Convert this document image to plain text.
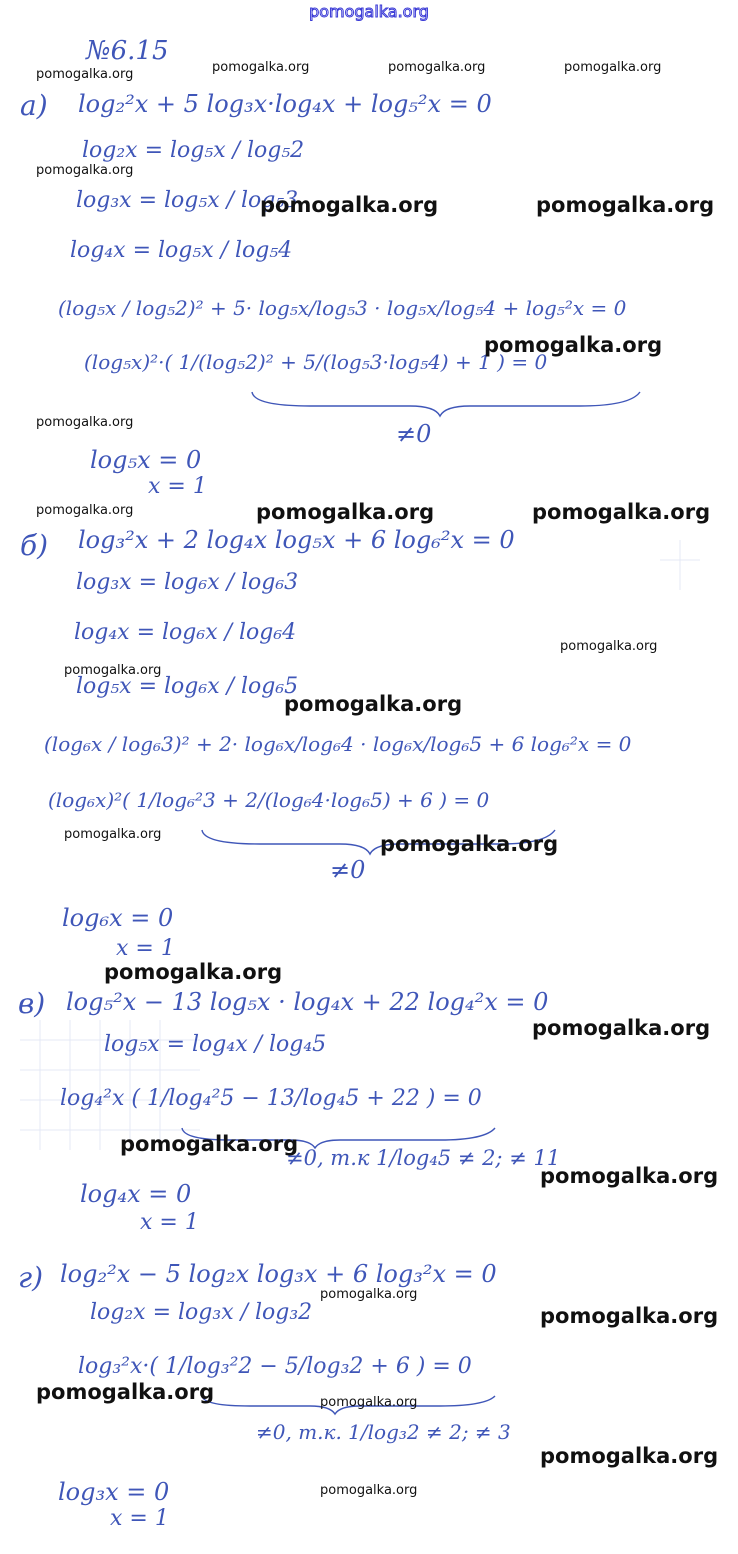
pomogalka.org
№6.15
а) log₂²x + 5 log₃x·log₄x + log₅²x = 0
log₂x = log₅x / log₅2
log₃x = log₅x / log₅3
log₄x = log₅x / log₅4
(log₅x / log₅2)² + 5· log₅x/log₅3 · log₅x/log₅4 + log₅²x = 0
(log₅x)²·( 1/(log₅2)² + 5/(log₅3·log₅4) + 1 ) = 0
≠0
log₅x = 0
x = 1
б) log₃²x + 2 log₄x log₅x + 6 log₆²x = 0
log₃x = log₆x / log₆3
log₄x = log₆x / log₆4
log₅x = log₆x / log₆5
(log₆x / log₆3)² + 2· log₆x/log₆4 · log₆x/log₆5 + 6 log₆²x = 0
(log₆x)²( 1/log₆²3 + 2/(log₆4·log₆5) + 6 ) = 0
≠0
log₆x = 0
x = 1
в) log₅²x − 13 log₅x · log₄x + 22 log₄²x = 0
log₅x = log₄x / log₄5
log₄²x ( 1/log₄²5 − 13/log₄5 + 22 ) = 0
≠0, т.к 1/log₄5 ≠ 2; ≠ 11
log₄x = 0
x = 1
г) log₂²x − 5 log₂x log₃x + 6 log₃²x = 0
log₂x = log₃x / log₃2
log₃²x·( 1/log₃²2 − 5/log₃2 + 6 ) = 0
≠0, т.к. 1/log₃2 ≠ 2; ≠ 3
log₃x = 0
x = 1
pomogalka.org	pomogalka.org	pomogalka.org	pomogalka.org
pomogalka.org
pomogalka.org	pomogalka.org
pomogalka.org
pomogalka.org
pomogalka.org	pomogalka.org	pomogalka.org
pomogalka.org
pomogalka.org
pomogalka.org
pomogalka.org	pomogalka.org
pomogalka.org
pomogalka.org
pomogalka.org
pomogalka.org
pomogalka.org
pomogalka.org
pomogalka.org	pomogalka.org
pomogalka.org
pomogalka.org
